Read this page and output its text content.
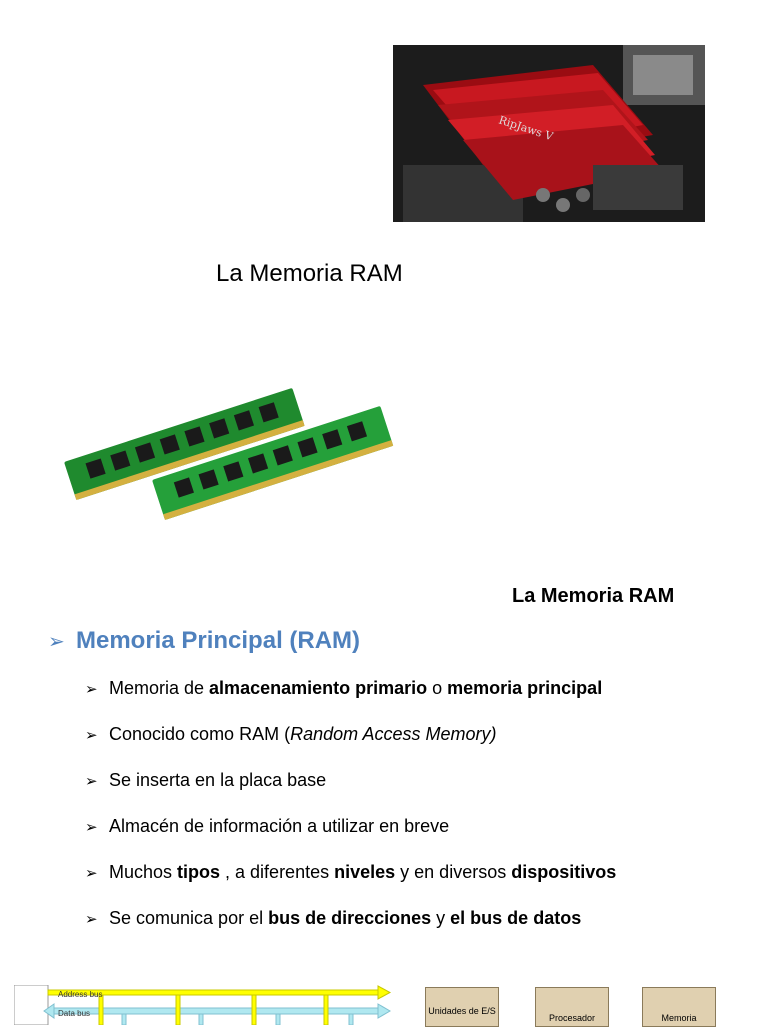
RipJaws V
La Memoria RAM
La Memoria RAM
➢ Memoria Principal (RAM)
➢ Memoria de almacenamiento primario o memoria principal
➢ Conocido como RAM (Random Access Memory)
➢ Se inserta en la placa base
➢ Almacén de información a utilizar en breve
➢ Muchos tipos , a diferentes niveles y en diversos dispositivos
➢ Se comunica por el bus de direcciones y el bus de datos
Address bus
Data bus	Unidades de E/S
Procesador	Memoria
